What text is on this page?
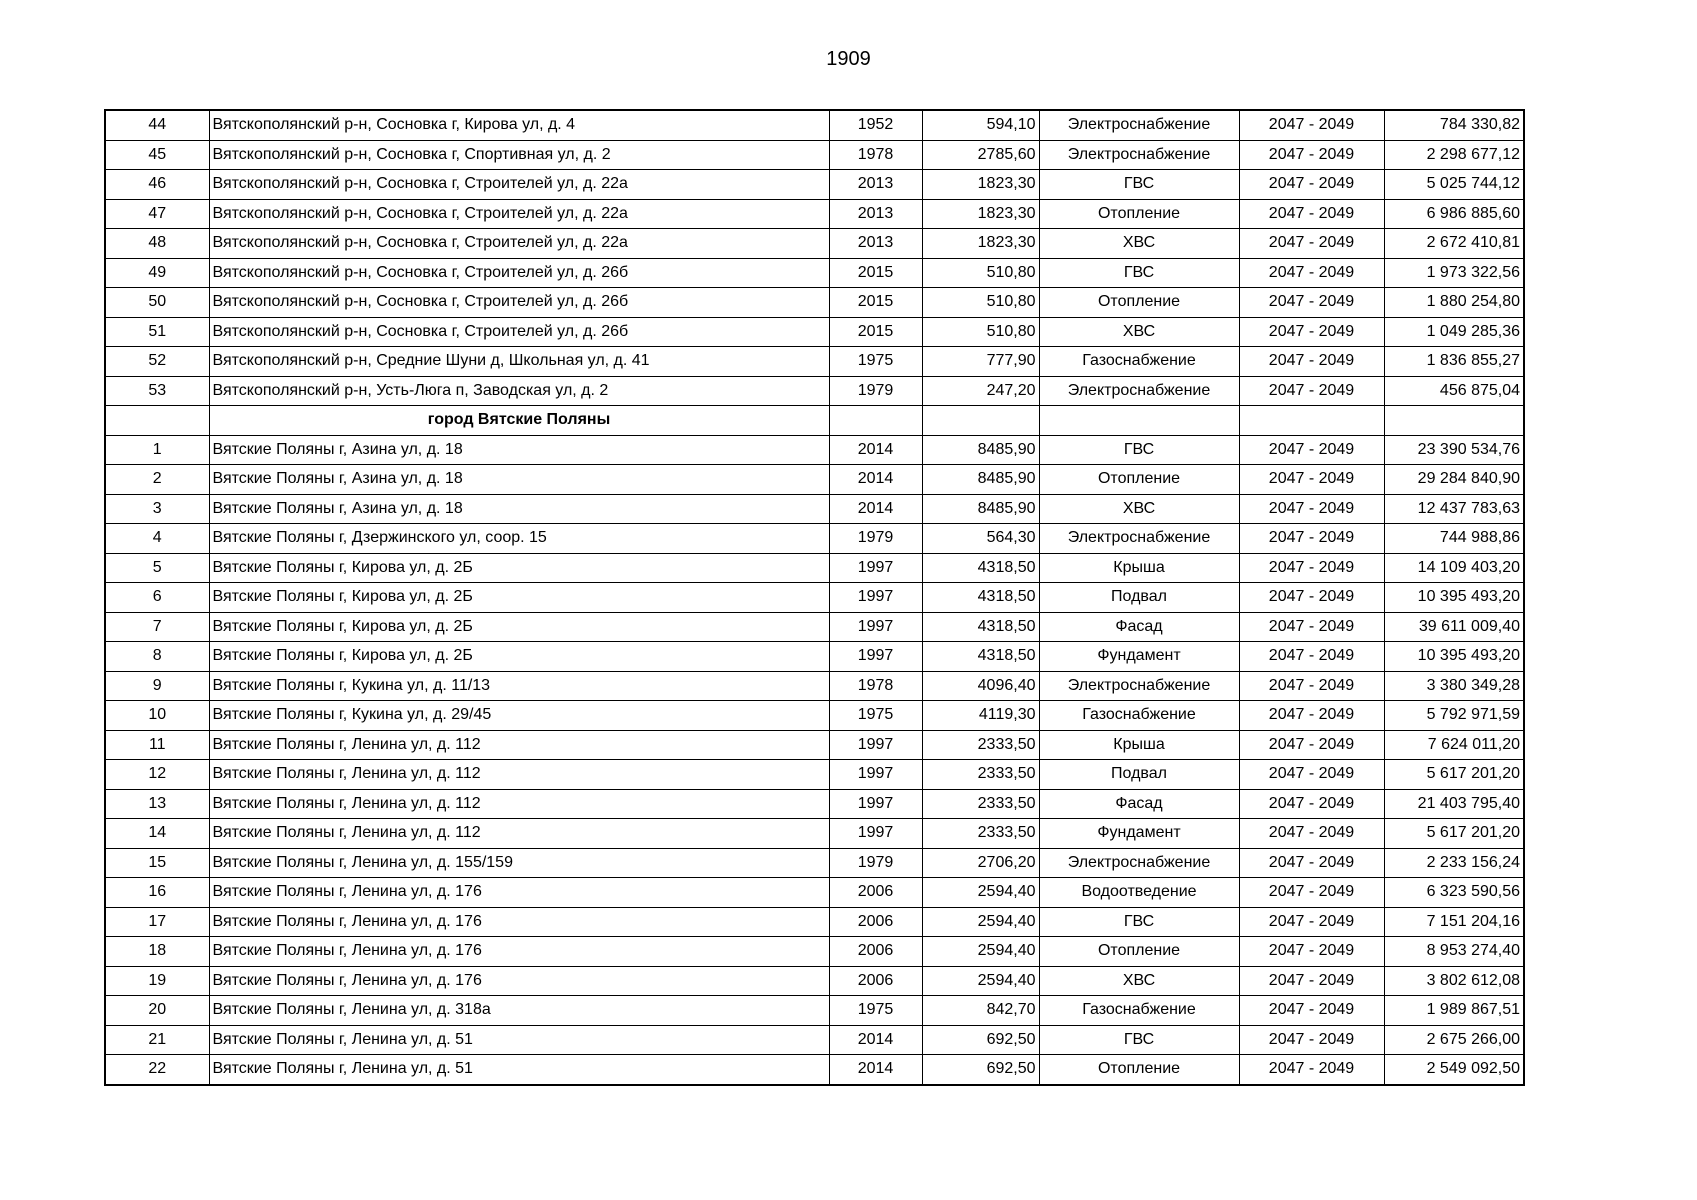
1909
44	Вятскополянский р-н, Сосновка г, Кирова ул, д. 4	1952	594,10	Электроснабжение	2047 - 2049	784 330,82
45	Вятскополянский р-н, Сосновка г, Спортивная ул, д. 2	1978	2785,60	Электроснабжение	2047 - 2049	2 298 677,12
46	Вятскополянский р-н, Сосновка г, Строителей ул, д. 22а	2013	1823,30	ГВС	2047 - 2049	5 025 744,12
47	Вятскополянский р-н, Сосновка г, Строителей ул, д. 22а	2013	1823,30	Отопление	2047 - 2049	6 986 885,60
48	Вятскополянский р-н, Сосновка г, Строителей ул, д. 22а	2013	1823,30	ХВС	2047 - 2049	2 672 410,81
49	Вятскополянский р-н, Сосновка г, Строителей ул, д. 26б	2015	510,80	ГВС	2047 - 2049	1 973 322,56
50	Вятскополянский р-н, Сосновка г, Строителей ул, д. 26б	2015	510,80	Отопление	2047 - 2049	1 880 254,80
51	Вятскополянский р-н, Сосновка г, Строителей ул, д. 26б	2015	510,80	ХВС	2047 - 2049	1 049 285,36
52	Вятскополянский р-н, Средние Шуни д, Школьная ул, д. 41	1975	777,90	Газоснабжение	2047 - 2049	1 836 855,27
53	Вятскополянский р-н, Усть-Люга п, Заводская ул, д. 2	1979	247,20	Электроснабжение	2047 - 2049	456 875,04
	город Вятские Поляны					
1	Вятские Поляны г, Азина ул, д. 18	2014	8485,90	ГВС	2047 - 2049	23 390 534,76
2	Вятские Поляны г, Азина ул, д. 18	2014	8485,90	Отопление	2047 - 2049	29 284 840,90
3	Вятские Поляны г, Азина ул, д. 18	2014	8485,90	ХВС	2047 - 2049	12 437 783,63
4	Вятские Поляны г, Дзержинского ул, соор. 15	1979	564,30	Электроснабжение	2047 - 2049	744 988,86
5	Вятские Поляны г, Кирова ул, д. 2Б	1997	4318,50	Крыша	2047 - 2049	14 109 403,20
6	Вятские Поляны г, Кирова ул, д. 2Б	1997	4318,50	Подвал	2047 - 2049	10 395 493,20
7	Вятские Поляны г, Кирова ул, д. 2Б	1997	4318,50	Фасад	2047 - 2049	39 611 009,40
8	Вятские Поляны г, Кирова ул, д. 2Б	1997	4318,50	Фундамент	2047 - 2049	10 395 493,20
9	Вятские Поляны г, Кукина ул, д. 11/13	1978	4096,40	Электроснабжение	2047 - 2049	3 380 349,28
10	Вятские Поляны г, Кукина ул, д. 29/45	1975	4119,30	Газоснабжение	2047 - 2049	5 792 971,59
11	Вятские Поляны г, Ленина ул, д. 112	1997	2333,50	Крыша	2047 - 2049	7 624 011,20
12	Вятские Поляны г, Ленина ул, д. 112	1997	2333,50	Подвал	2047 - 2049	5 617 201,20
13	Вятские Поляны г, Ленина ул, д. 112	1997	2333,50	Фасад	2047 - 2049	21 403 795,40
14	Вятские Поляны г, Ленина ул, д. 112	1997	2333,50	Фундамент	2047 - 2049	5 617 201,20
15	Вятские Поляны г, Ленина ул, д. 155/159	1979	2706,20	Электроснабжение	2047 - 2049	2 233 156,24
16	Вятские Поляны г, Ленина ул, д. 176	2006	2594,40	Водоотведение	2047 - 2049	6 323 590,56
17	Вятские Поляны г, Ленина ул, д. 176	2006	2594,40	ГВС	2047 - 2049	7 151 204,16
18	Вятские Поляны г, Ленина ул, д. 176	2006	2594,40	Отопление	2047 - 2049	8 953 274,40
19	Вятские Поляны г, Ленина ул, д. 176	2006	2594,40	ХВС	2047 - 2049	3 802 612,08
20	Вятские Поляны г, Ленина ул, д. 318а	1975	842,70	Газоснабжение	2047 - 2049	1 989 867,51
21	Вятские Поляны г, Ленина ул, д. 51	2014	692,50	ГВС	2047 - 2049	2 675 266,00
22	Вятские Поляны г, Ленина ул, д. 51	2014	692,50	Отопление	2047 - 2049	2 549 092,50
